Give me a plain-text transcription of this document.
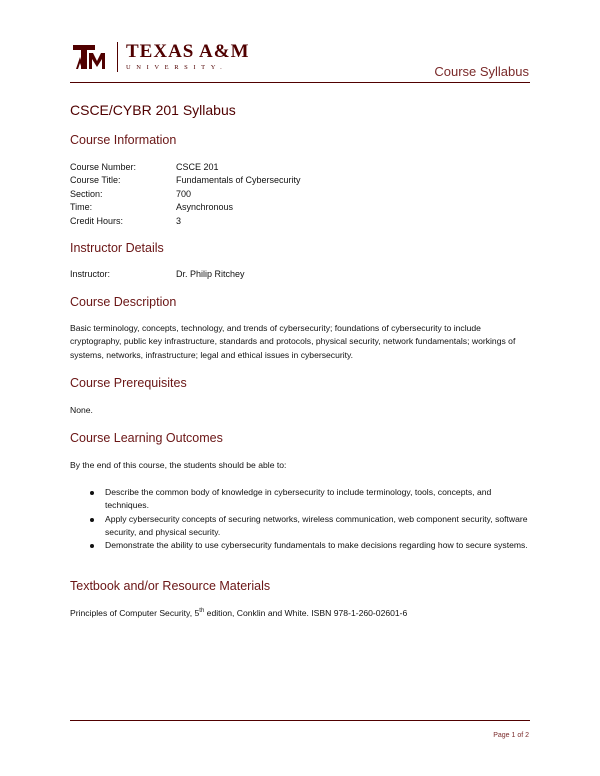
TEXAS A&M
UNIVERSITY.	Course Syllabus
CSCE/CYBR 201 Syllabus
Course Information
Course Number:	CSCE 201
Course Title:	Fundamentals of Cybersecurity
Section:	700
Time:	Asynchronous
Credit Hours:	3
Instructor Details
Instructor:	Dr. Philip Ritchey
Course Description
Basic terminology, concepts, technology, and trends of cybersecurity; foundations of cybersecurity to include cryptography, public key infrastructure, standards and protocols, physical security, network fundamentals; workings of systems, networks, infrastructure; legal and ethical issues in cybersecurity.
Course Prerequisites
None.
Course Learning Outcomes
By the end of this course, the students should be able to:
Describe the common body of knowledge in cybersecurity to include terminology, tools, concepts, and techniques.
Apply cybersecurity concepts of securing networks, wireless communication, web component security, software security, and physical security.
Demonstrate the ability to use cybersecurity fundamentals to make decisions regarding how to secure systems.
Textbook and/or Resource Materials
Principles of Computer Security, 5th edition, Conklin and White. ISBN 978-1-260-02601-6
Page 1 of 2
